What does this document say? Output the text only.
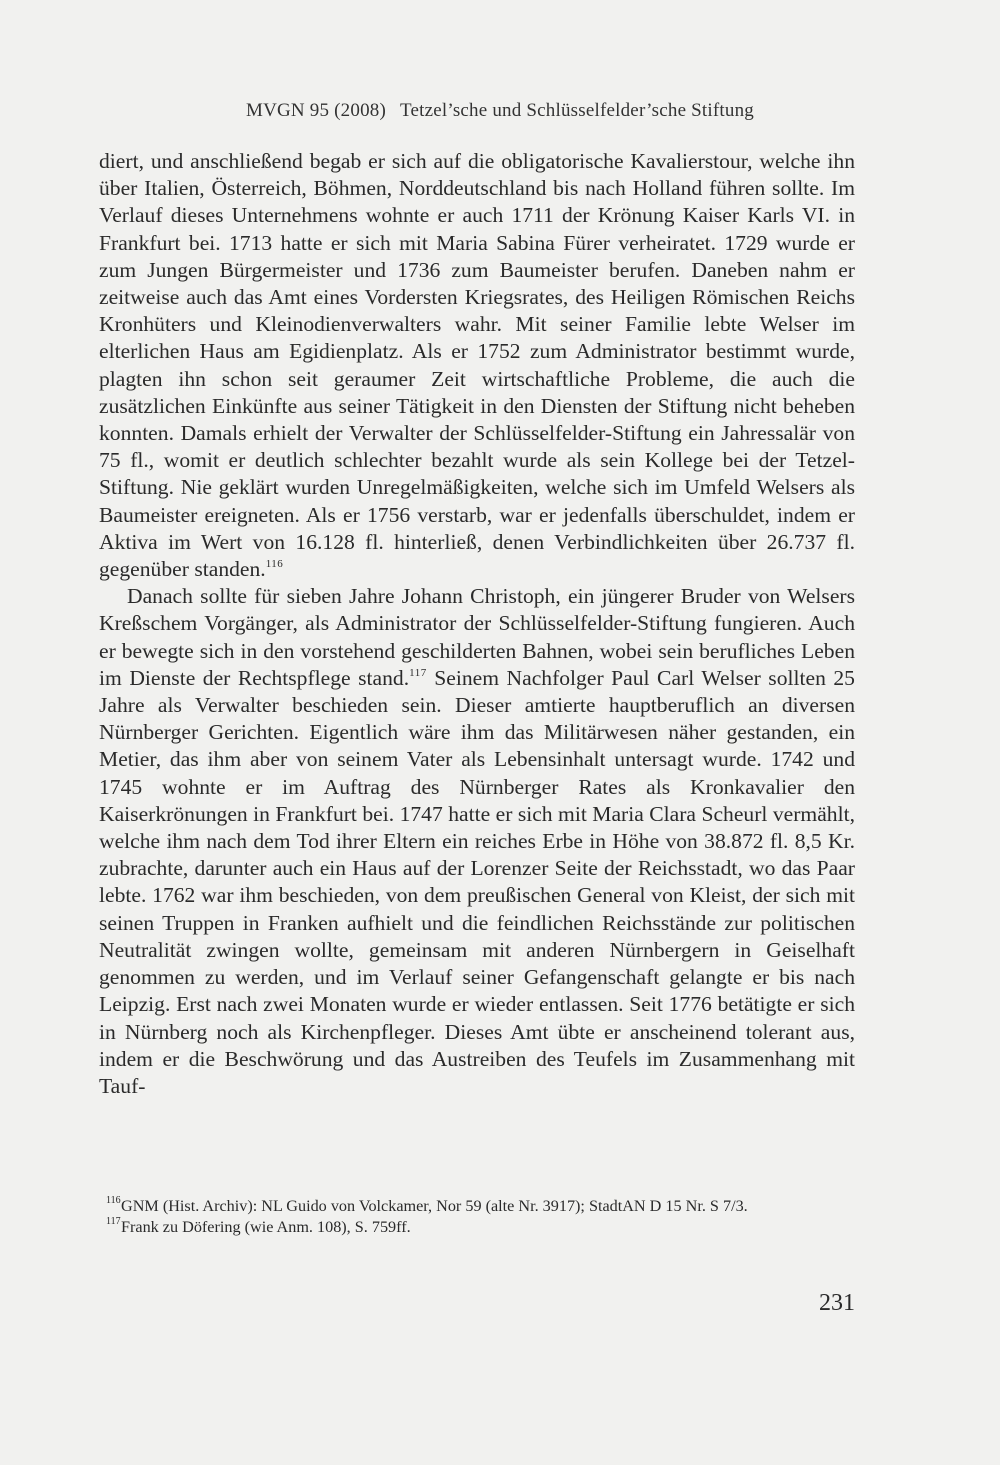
MVGN 95 (2008) Tetzel’sche und Schlüsselfelder’sche Stiftung

diert, und anschließend begab er sich auf die obligatorische Kavalierstour, welche ihn über Italien, Österreich, Böhmen, Norddeutschland bis nach Holland führen sollte. Im Verlauf dieses Unternehmens wohnte er auch 1711 der Krönung Kaiser Karls VI. in Frankfurt bei. 1713 hatte er sich mit Maria Sabina Fürer verheiratet. 1729 wurde er zum Jungen Bürgermeister und 1736 zum Baumeister berufen. Daneben nahm er zeitweise auch das Amt eines Vordersten Kriegsrates, des Heiligen Römischen Reichs Kronhüters und Kleinodienverwalters wahr. Mit seiner Familie lebte Welser im elterlichen Haus am Egidienplatz. Als er 1752 zum Administrator bestimmt wurde, plagten ihn schon seit geraumer Zeit wirtschaftliche Probleme, die auch die zusätzlichen Einkünfte aus seiner Tätigkeit in den Diensten der Stiftung nicht beheben konnten. Damals erhielt der Verwalter der Schlüsselfelder-Stiftung ein Jahressalär von 75 fl., womit er deutlich schlechter bezahlt wurde als sein Kollege bei der Tetzel-Stiftung. Nie geklärt wurden Unregelmäßigkeiten, welche sich im Umfeld Welsers als Baumeister ereigneten. Als er 1756 verstarb, war er jedenfalls überschuldet, indem er Aktiva im Wert von 16.128 fl. hinterließ, denen Verbindlichkeiten über 26.737 fl. gegenüber standen.$^{116}$

Danach sollte für sieben Jahre Johann Christoph, ein jüngerer Bruder von Welsers Kreßschem Vorgänger, als Administrator der Schlüsselfelder-Stiftung fungieren. Auch er bewegte sich in den vorstehend geschilderten Bahnen, wobei sein berufliches Leben im Dienste der Rechtspflege stand.$^{117}$ Seinem Nachfolger Paul Carl Welser sollten 25 Jahre als Verwalter beschieden sein. Dieser amtierte hauptberuflich an diversen Nürnberger Gerichten. Eigentlich wäre ihm das Militärwesen näher gestanden, ein Metier, das ihm aber von seinem Vater als Lebensinhalt untersagt wurde. 1742 und 1745 wohnte er im Auftrag des Nürnberger Rates als Kronkavalier den Kaiserkrönungen in Frankfurt bei. 1747 hatte er sich mit Maria Clara Scheurl vermählt, welche ihm nach dem Tod ihrer Eltern ein reiches Erbe in Höhe von 38.872 fl. 8,5 Kr. zubrachte, darunter auch ein Haus auf der Lorenzer Seite der Reichsstadt, wo das Paar lebte. 1762 war ihm beschieden, von dem preußischen General von Kleist, der sich mit seinen Truppen in Franken aufhielt und die feindlichen Reichsstände zur politischen Neutralität zwingen wollte, gemeinsam mit anderen Nürnbergern in Geiselhaft genommen zu werden, und im Verlauf seiner Gefangenschaft gelangte er bis nach Leipzig. Erst nach zwei Monaten wurde er wieder entlassen. Seit 1776 betätigte er sich in Nürnberg noch als Kirchenpfleger. Dieses Amt übte er anscheinend tolerant aus, indem er die Beschwörung und das Austreiben des Teufels im Zusammenhang mit Tauf-

116 GNM (Hist. Archiv): NL Guido von Volckamer, Nor 59 (alte Nr. 3917); StadtAN D 15 Nr. S 7/3.

117 Frank zu Döfering (wie Anm. 108), S. 759ff.

231
